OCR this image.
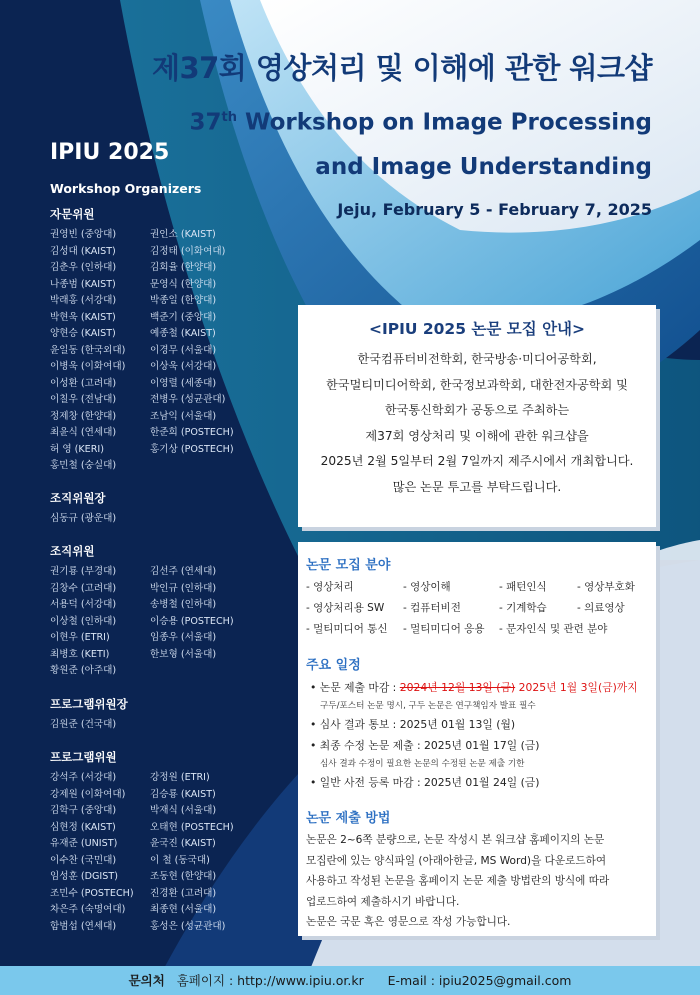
제37회 영상처리 및 이해에 관한 워크샵
37th Workshop on Image Processing
and Image Understanding
Jeju, February 5 - February 7, 2025
IPIU 2025
Workshop Organizers
자문위원
권영빈 (중앙대)	권인소 (KAIST)
김성대 (KAIST)	김정태 (이화여대)
김춘우 (인하대)	김회율 (한양대)
나종범 (KAIST)	문영식 (한양대)
박래홍 (서강대)	박종일 (한양대)
박현욱 (KAIST)	백준기 (중앙대)
양현승 (KAIST)	예종철 (KAIST)
윤일동 (한국외대)	이경무 (서울대)
이병욱 (이화여대)	이상욱 (서강대)
이성환 (고려대)	이영렬 (세종대)
이칠우 (전남대)	전병우 (성균관대)
정제창 (한양대)	조남익 (서울대)
최윤식 (연세대)	한준희 (POSTECH)
허 영 (KERI)	홍기상 (POSTECH)
홍민철 (숭실대)
조직위원장
심동규 (광운대)
조직위원
권기룡 (부경대)	김선주 (연세대)
김창수 (고려대)	박인규 (인하대)
서용덕 (서강대)	송병철 (인하대)
이상철 (인하대)	이승용 (POSTECH)
이현우 (ETRI)	임종우 (서울대)
최병호 (KETI)	한보형 (서울대)
황원준 (아주대)
프로그램위원장
김원준 (건국대)
프로그램위원
강석주 (서강대)	강정원 (ETRI)
강제원 (이화여대)	김승룡 (KAIST)
김학구 (중앙대)	박재식 (서울대)
심현정 (KAIST)	오태현 (POSTECH)
유재준 (UNIST)	윤국진 (KAIST)
이수찬 (국민대)	이 철 (동국대)
임성훈 (DGIST)	조동현 (한양대)
조민수 (POSTECH)	진경환 (고려대)
차은주 (숙명여대)	최종현 (서울대)
함범섭 (연세대)	홍성은 (성균관대)
<IPIU 2025 논문 모집 안내>
한국컴퓨터비전학회, 한국방송·미디어공학회,
한국멀티미디어학회, 한국정보과학회, 대한전자공학회 및
한국통신학회가 공동으로 주최하는
제37회 영상처리 및 이해에 관한 워크샵을
2025년 2월 5일부터 2월 7일까지 제주시에서 개최합니다.
많은 논문 투고를 부탁드립니다.
논문 모집 분야
- 영상처리	- 영상이해	- 패턴인식	- 영상부호화
- 영상처리용 SW	- 컴퓨터비전	- 기계학습	- 의료영상
- 멀티미디어 통신	- 멀티미디어 응용	- 문자인식 및 관련 분야
주요 일정
• 논문 제출 마감 : 2024년 12월 13일 (금) 2025년 1월 3일(금)까지
구두/포스터 논문 명시, 구두 논문은 연구책임자 발표 필수
• 심사 결과 통보 : 2025년 01월 13일 (월)
• 최종 수정 논문 제출 : 2025년 01월 17일 (금)
심사 결과 수정이 필요한 논문의 수정된 논문 제출 기한
• 일반 사전 등록 마감 : 2025년 01월 24일 (금)
논문 제출 방법
논문은 2~6쪽 분량으로, 논문 작성시 본 워크샵 홈페이지의 논문
모집란에 있는 양식파일 (아래아한글, MS Word)을 다운로드하여
사용하고 작성된 논문을 홈페이지 논문 제출 방법란의 방식에 따라
업로드하여 제출하시기 바랍니다.
논문은 국문 혹은 영문으로 작성 가능합니다.
문의처 홈페이지 : http://www.ipiu.or.kr E-mail : ipiu2025@gmail.com
